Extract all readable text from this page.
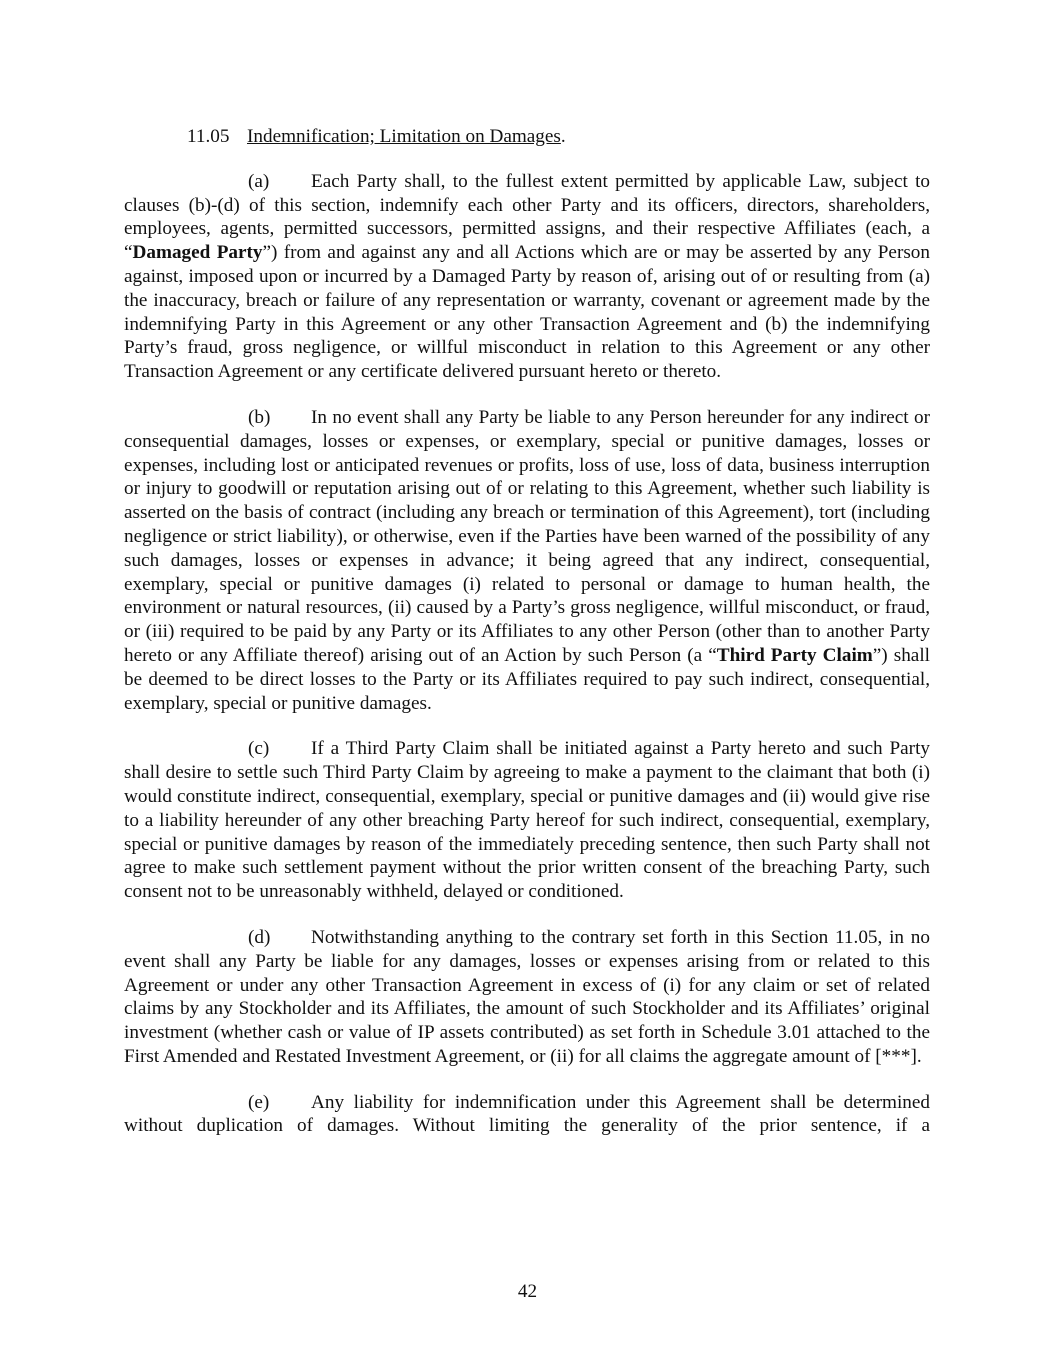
11.05 Indemnification; Limitation on Damages.

(a) Each Party shall, to the fullest extent permitted by applicable Law, subject to clauses (b)-(d) of this section, indemnify each other Party and its officers, directors, shareholders, employees, agents, permitted successors, permitted assigns, and their respective Affiliates (each, a “Damaged Party”) from and against any and all Actions which are or may be asserted by any Person against, imposed upon or incurred by a Damaged Party by reason of, arising out of or resulting from (a) the inaccuracy, breach or failure of any representation or warranty, covenant or agreement made by the indemnifying Party in this Agreement or any other Transaction Agreement and (b) the indemnifying Party’s fraud, gross negligence, or willful misconduct in relation to this Agreement or any other Transaction Agreement or any certificate delivered pursuant hereto or thereto.

(b) In no event shall any Party be liable to any Person hereunder for any indirect or consequential damages, losses or expenses, or exemplary, special or punitive damages, losses or expenses, including lost or anticipated revenues or profits, loss of use, loss of data, business interruption or injury to goodwill or reputation arising out of or relating to this Agreement, whether such liability is asserted on the basis of contract (including any breach or termination of this Agreement), tort (including negligence or strict liability), or otherwise, even if the Parties have been warned of the possibility of any such damages, losses or expenses in advance; it being agreed that any indirect, consequential, exemplary, special or punitive damages (i) related to personal or damage to human health, the environment or natural resources, (ii) caused by a Party’s gross negligence, willful misconduct, or fraud, or (iii) required to be paid by any Party or its Affiliates to any other Person (other than to another Party hereto or any Affiliate thereof) arising out of an Action by such Person (a “Third Party Claim”) shall be deemed to be direct losses to the Party or its Affiliates required to pay such indirect, consequential, exemplary, special or punitive damages.

(c) If a Third Party Claim shall be initiated against a Party hereto and such Party shall desire to settle such Third Party Claim by agreeing to make a payment to the claimant that both (i) would constitute indirect, consequential, exemplary, special or punitive damages and (ii) would give rise to a liability hereunder of any other breaching Party hereof for such indirect, consequential, exemplary, special or punitive damages by reason of the immediately preceding sentence, then such Party shall not agree to make such settlement payment without the prior written consent of the breaching Party, such consent not to be unreasonably withheld, delayed or conditioned.

(d) Notwithstanding anything to the contrary set forth in this Section 11.05, in no event shall any Party be liable for any damages, losses or expenses arising from or related to this Agreement or under any other Transaction Agreement in excess of (i) for any claim or set of related claims by any Stockholder and its Affiliates, the amount of such Stockholder and its Affiliates’ original investment (whether cash or value of IP assets contributed) as set forth in Schedule 3.01 attached to the First Amended and Restated Investment Agreement, or (ii) for all claims the aggregate amount of [***].

(e) Any liability for indemnification under this Agreement shall be determined without duplication of damages. Without limiting the generality of the prior sentence, if a

42
